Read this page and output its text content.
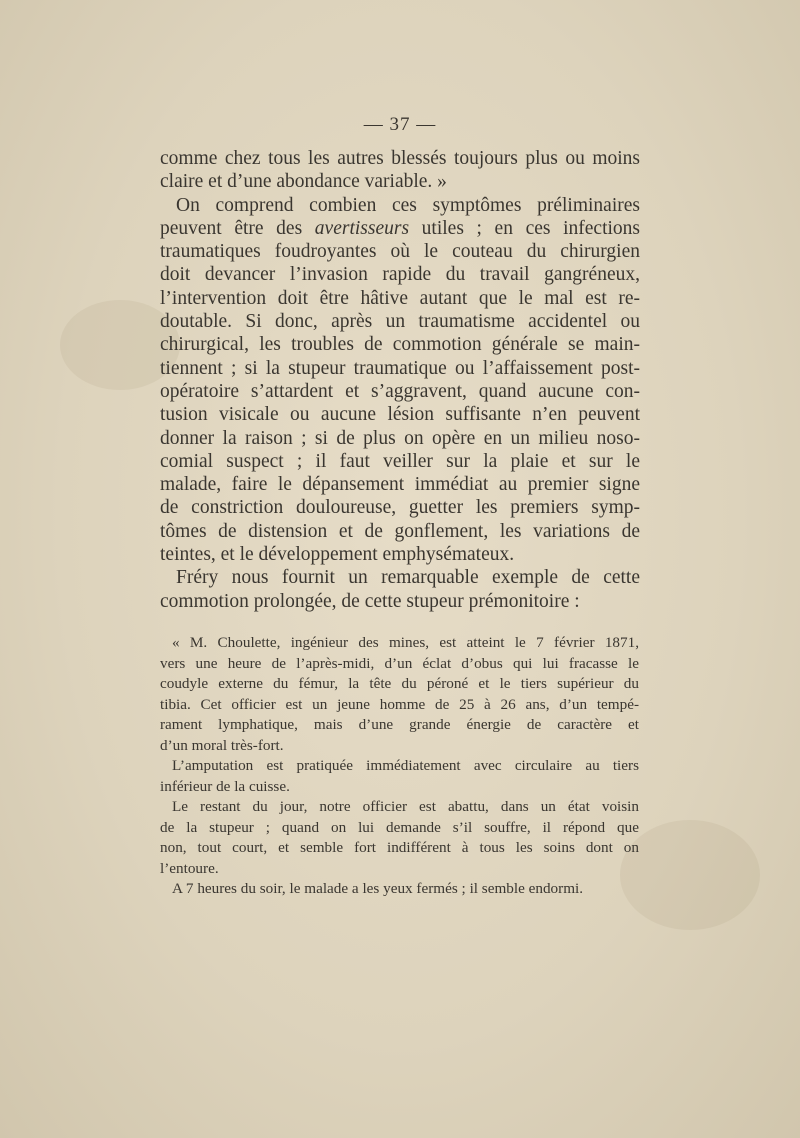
— 37 —
comme chez tous les autres blessés toujours plus ou moins
claire et d’une abondance variable. »
On comprend combien ces symptômes préliminaires
peuvent être des avertisseurs utiles ; en ces infections
traumatiques foudroyantes où le couteau du chirurgien
doit devancer l’invasion rapide du travail gangréneux,
l’intervention doit être hâtive autant que le mal est re-
doutable. Si donc, après un traumatisme accidentel ou
chirurgical, les troubles de commotion générale se main-
tiennent ; si la stupeur traumatique ou l’affaissement post-
opératoire s’attardent et s’aggravent, quand aucune con-
tusion visicale ou aucune lésion suffisante n’en peuvent
donner la raison ; si de plus on opère en un milieu noso-
comial suspect ; il faut veiller sur la plaie et sur le
malade, faire le dépansement immédiat au premier signe
de constriction douloureuse, guetter les premiers symp-
tômes de distension et de gonflement, les variations de
teintes, et le développement emphysémateux.
Fréry nous fournit un remarquable exemple de cette
commotion prolongée, de cette stupeur prémonitoire :
« M. Choulette, ingénieur des mines, est atteint le 7 février 1871,
vers une heure de l’après-midi, d’un éclat d’obus qui lui fracasse le
coudyle externe du fémur, la tête du péroné et le tiers supérieur du
tibia. Cet officier est un jeune homme de 25 à 26 ans, d’un tempé-
rament lymphatique, mais d’une grande énergie de caractère et
d’un moral très-fort.
L’amputation est pratiquée immédiatement avec circulaire au tiers
inférieur de la cuisse.
Le restant du jour, notre officier est abattu, dans un état voisin
de la stupeur ; quand on lui demande s’il souffre, il répond que
non, tout court, et semble fort indifférent à tous les soins dont on
l’entoure.
A 7 heures du soir, le malade a les yeux fermés ; il semble endormi.
